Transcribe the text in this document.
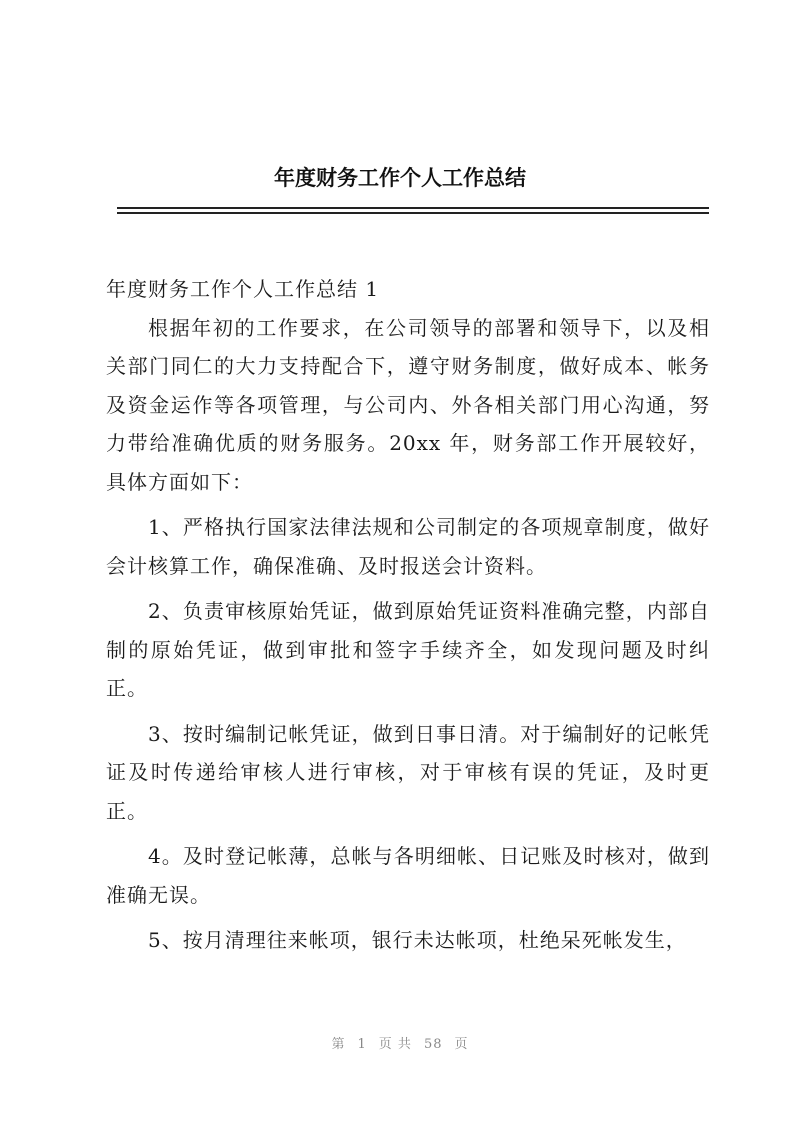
年度财务工作个人工作总结

年度财务工作个人工作总结 1

根据年初的工作要求，在公司领导的部署和领导下，以及相关部门同仁的大力支持配合下，遵守财务制度，做好成本、帐务及资金运作等各项管理，与公司内、外各相关部门用心沟通，努力带给准确优质的财务服务。20xx 年，财务部工作开展较好，具体方面如下：

1、严格执行国家法律法规和公司制定的各项规章制度，做好会计核算工作，确保准确、及时报送会计资料。

2、负责审核原始凭证，做到原始凭证资料准确完整，内部自制的原始凭证，做到审批和签字手续齐全，如发现问题及时纠正。

3、按时编制记帐凭证，做到日事日清。对于编制好的记帐凭证及时传递给审核人进行审核，对于审核有误的凭证，及时更正。

4。及时登记帐薄，总帐与各明细帐、日记账及时核对，做到准确无误。

5、按月清理往来帐项，银行未达帐项，杜绝呆死帐发生，

第 1 页 共 58 页
